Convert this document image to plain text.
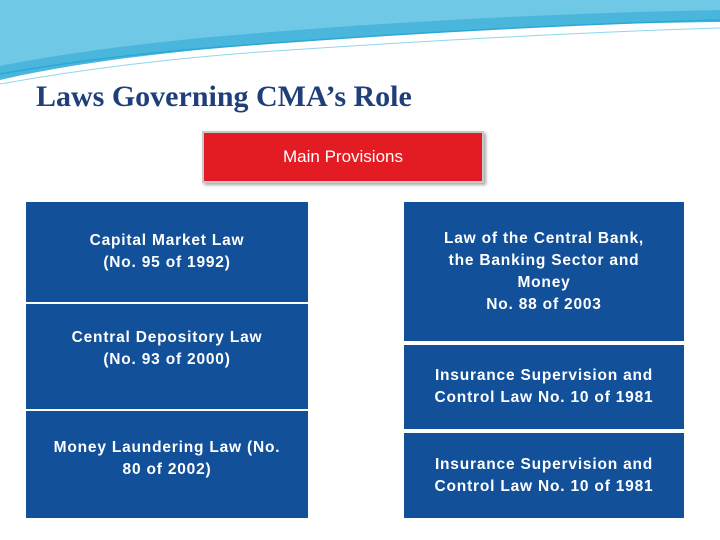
Laws Governing CMA’s Role
Main Provisions
Capital Market Law
(No. 95 of 1992)
Central Depository Law
(No. 93 of 2000)
Money Laundering Law (No.
80 of 2002)
Law of the Central Bank,
the Banking Sector and
Money
No. 88 of 2003
Insurance Supervision and
Control Law No. 10 of 1981
Insurance Supervision and
Control Law No. 10 of 1981
